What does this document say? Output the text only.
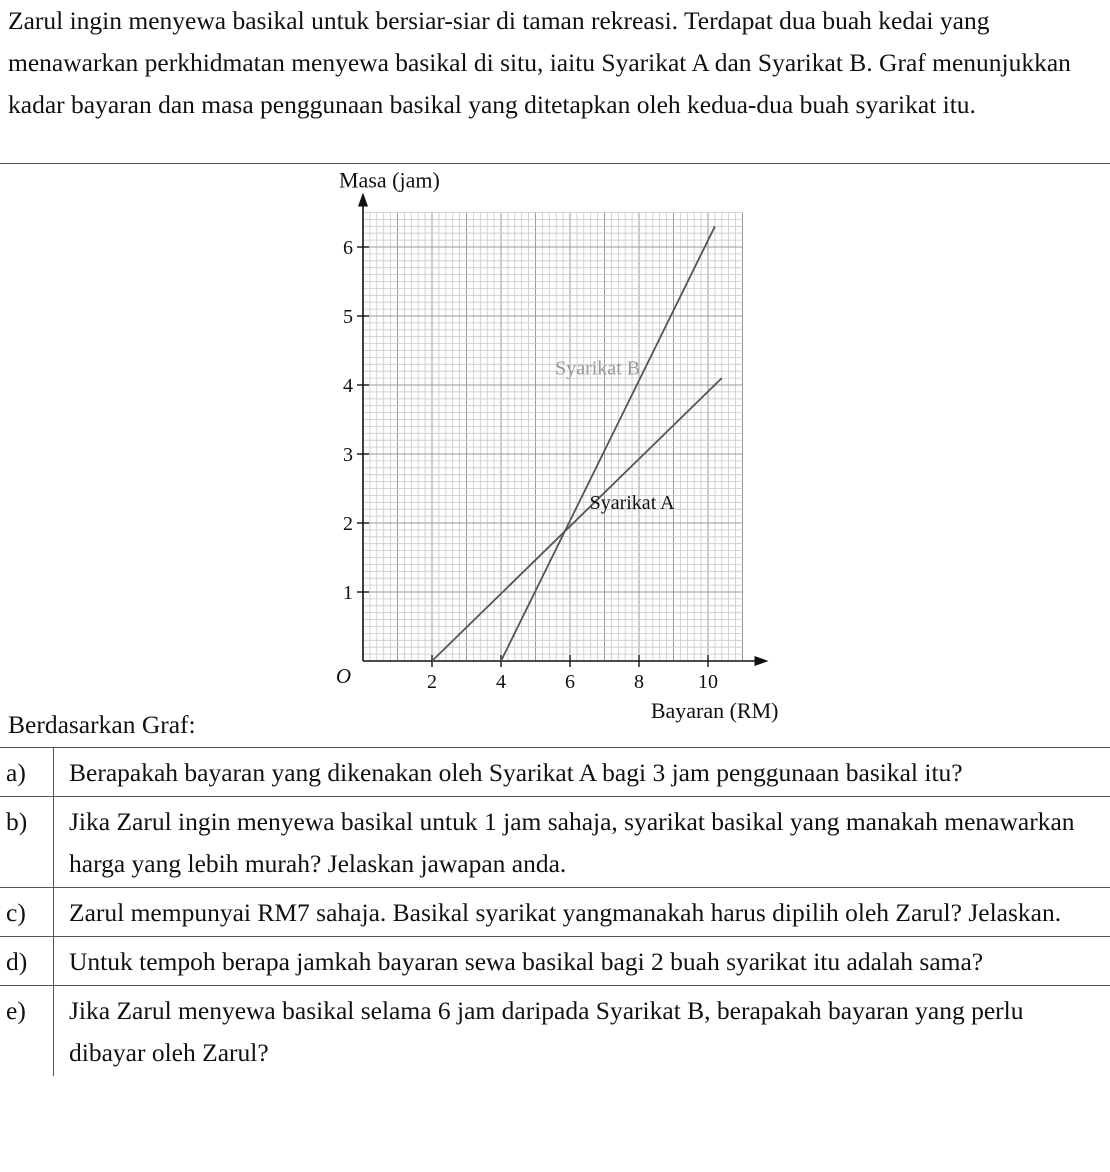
Zarul ingin menyewa basikal untuk bersiar-siar di taman rekreasi. Terdapat dua buah kedai yang menawarkan perkhidmatan menyewa basikal di situ, iaitu Syarikat A dan Syarikat B. Graf menunjukkan kadar bayaran dan masa penggunaan basikal yang ditetapkan oleh kedua-dua buah syarikat itu.

2	4	6	8	10
1
2
3
4
5
6
O
Masa (jam)
Bayaran (RM)
Syarikat A
Syarikat B

Berdasarkan Graf:

a)	Berapakah bayaran yang dikenakan oleh Syarikat A bagi 3 jam penggunaan basikal itu?
b)	Jika Zarul ingin menyewa basikal untuk 1 jam sahaja, syarikat basikal yang manakah menawarkan harga yang lebih murah? Jelaskan jawapan anda.
c)	Zarul mempunyai RM7 sahaja. Basikal syarikat yangmanakah harus dipilih oleh Zarul? Jelaskan.
d)	Untuk tempoh berapa jamkah bayaran sewa basikal bagi 2 buah syarikat itu adalah sama?
e)	Jika Zarul menyewa basikal selama 6 jam daripada Syarikat B, berapakah bayaran yang perlu dibayar oleh Zarul?
